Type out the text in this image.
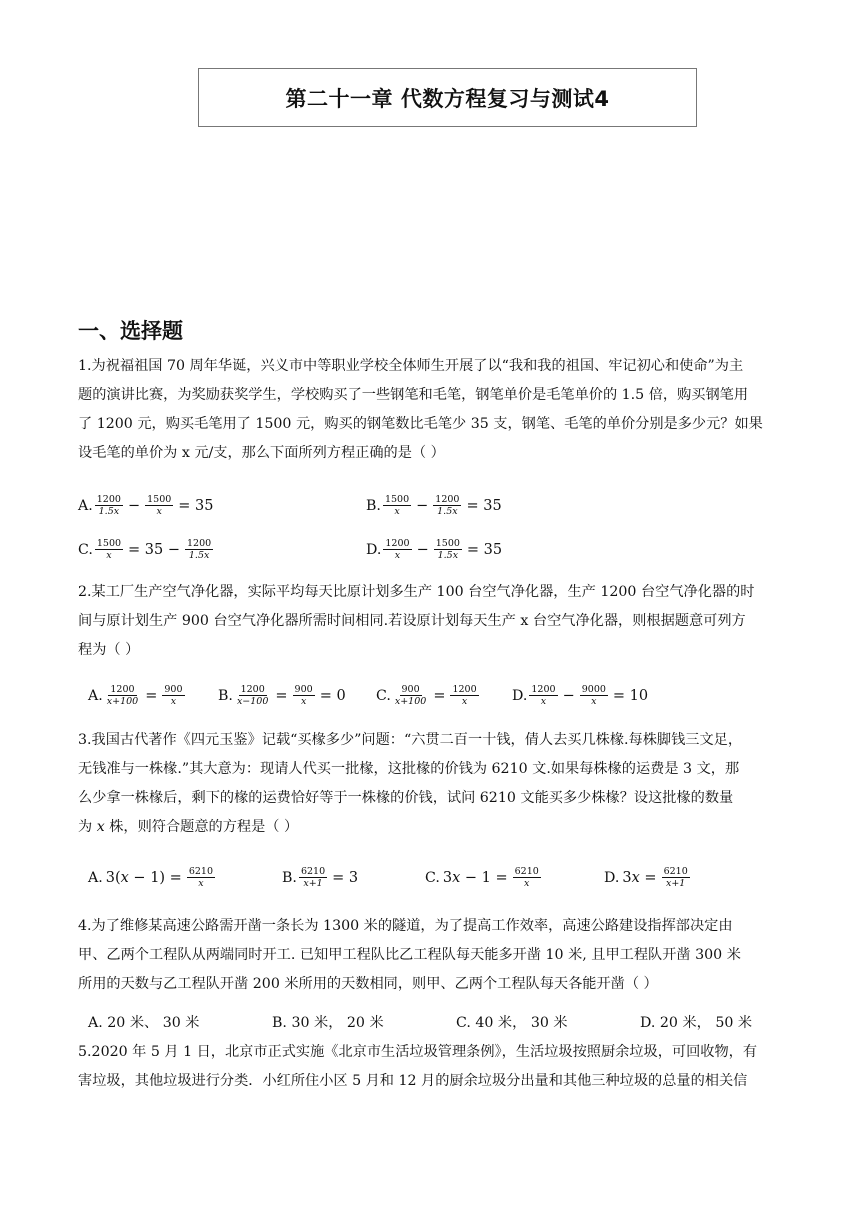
第二十一章 代数方程复习与测试4
一、选择题
1.为祝福祖国 70 周年华诞，兴义市中等职业学校全体师生开展了以“我和我的祖国、牢记初心和使命”为主
题的演讲比赛，为奖励获奖学生，学校购买了一些钢笔和毛笔，钢笔单价是毛笔单价的 1.5 倍，购买钢笔用
了 1200 元，购买毛笔用了 1500 元，购买的钢笔数比毛笔少 35 支，钢笔、毛笔的单价分别是多少元？如果
设毛笔的单价为 x 元/支，那么下面所列方程正确的是（ ）
A. $\frac{1200}{\text{1.5𝑥}} - \frac{1500}{\text{𝑥}} = 35$	B. $\frac{1500}{\text{𝑥}} - \frac{1200}{\text{1.5𝑥}} = 35$
C. $\frac{1500}{\text{𝑥}} = 35 - \frac{1200}{\text{1.5𝑥}}$	D. $\frac{1200}{\text{𝑥}} - \frac{1500}{\text{1.5𝑥}} = 35$
2.某工厂生产空气净化器，实际平均每天比原计划多生产 100 台空气净化器，生产 1200 台空气净化器的时
间与原计划生产 900 台空气净化器所需时间相同.若设原计划每天生产 x 台空气净化器，则根据题意可列方
程为（ ）
A. $\frac{1200}{\text{𝑥+100}} = \frac{900}{\text{𝑥}} B$. $\frac{1200}{\text{𝑥−100}} = \frac{900}{\text{𝑥}} = 0$ C. $\frac{900}{\text{𝑥+100}} = \frac{1200}{\text{𝑥}} D$. $\frac{1200}{\text{𝑥}} - \frac{9000}{\text{𝑥}} = 10$
3.我国古代著作《四元玉鉴》记载“买椽多少”问题：“六贯二百一十钱，倩人去买几株椽.每株脚钱三文足，
无钱准与一株椽.”其大意为：现请人代买一批椽，这批椽的价钱为 6210 文.如果每株椽的运费是 3 文，那
么少拿一株椽后，剩下的椽的运费恰好等于一株椽的价钱，试问 6210 文能买多少株椽？设这批椽的数量
为 𝑥 株，则符合题意的方程是（ ）
A. 3(𝑥 − $1) = \frac{6210}{\text{𝑥}}$	B. $\frac{6210}{\text{𝑥+1}} = 3$	C. 3𝑥 − $1 = \frac{6210}{\text{𝑥}}$	D. 3𝑥 = $\frac{6210}{\text{𝑥+1}}$
4.为了维修某高速公路需开凿一条长为 1300 米的隧道，为了提高工作效率，高速公路建设指挥部决定由
甲、乙两个工程队从两端同时开工. 已知甲工程队比乙工程队每天能多开凿 10 米, 且甲工程队开凿 300 米
所用的天数与乙工程队开凿 200 米所用的天数相同，则甲、乙两个工程队每天各能开凿（ ）
A. 20 米、 30 米	B. 30 米， 20 米	C. 40 米， 30 米	D. 20 米， 50 米
5.2020 年 5 月 1 日，北京市正式实施《北京市生活垃圾管理条例》，生活垃圾按照厨余垃圾，可回收物，有
害垃圾，其他垃圾进行分类．小红所住小区 5 月和 12 月的厨余垃圾分出量和其他三种垃圾的总量的相关信
